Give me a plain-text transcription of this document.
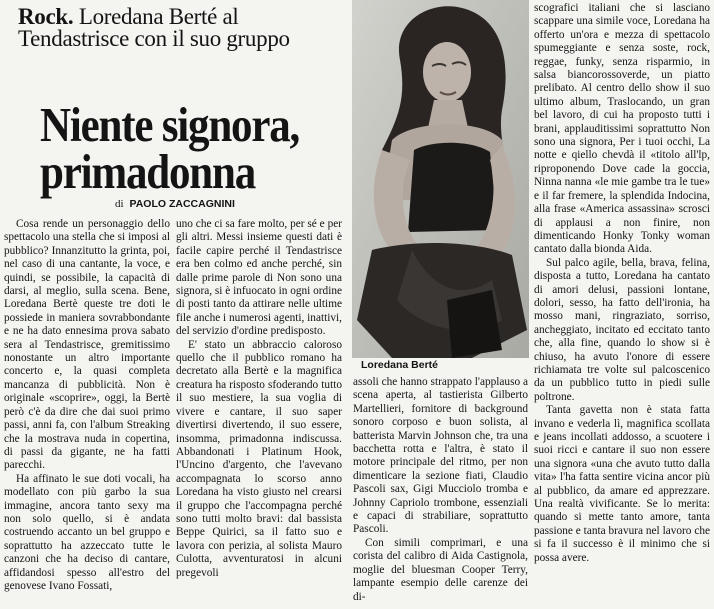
Rock. Loredana Berté al Tendastrisce con il suo gruppo
Niente signora,
primadonna
di PAOLO ZACCAGNINI

Cosa rende un personaggio dello spettacolo una stella che si imposi al pubblico? Innanzitutto la grinta, poi, nel caso di una cantante, la voce, e quindi, se possibile, la capacità di darsi, al meglio, sulla scena. Bene, Loredana Bertè queste tre doti le possiede in maniera sovrabbondante e ne ha dato ennesima prova sabato sera al Tendastrisce, gremitissimo nonostante un altro importante concerto e, la quasi completa mancanza di pubblicità. Non è originale «scoprire», oggi, la Bertè però c'è da dire che dai suoi primo passi, anni fa, con l'album Streaking che la mostrava nuda in copertina, di passi da gigante, ne ha fatti parecchi.

Ha affinato le sue doti vocali, ha modellato con più garbo la sua immagine, ancora tanto sexy ma non solo quello, si è andata costruendo accanto un bel gruppo e soprattutto ha azzeccato tutte le canzoni che ha deciso di cantare, affidandosi spesso all'estro del genovese Ivano Fossati,

uno che ci sa fare molto, per sé e per gli altri. Messi insieme questi dati è facile capire perché il Tendastrisce era ben colmo ed anche perché, sin dalle prime parole di Non sono una signora, si è infuocato in ogni ordine di posti tanto da attirare nelle ultime file anche i numerosi agenti, inattivi, del servizio d'ordine predisposto.

E' stato un abbraccio caloroso quello che il pubblico romano ha decretato alla Bertè e la magnifica creatura ha risposto sfoderando tutto il suo mestiere, la sua voglia di vivere e cantare, il suo saper divertirsi divertendo, il suo essere, insomma, primadonna indiscussa. Abbandonati i Platinum Hook, l'Uncino d'argento, che l'avevano accompagnata lo scorso anno Loredana ha visto giusto nel crearsi il gruppo che l'accompagna perché sono tutti molto bravi: dal bassista Beppe Quirici, sa il fatto suo e lavora con perizia, al solista Mauro Culotta, avventuratosi in alcuni pregevoli

Loredana Berté

assoli che hanno strappato l'applauso a scena aperta, al tastierista Gilberto Martellieri, fornitore di background sonoro corposo e buon solista, al batterista Marvin Johnson che, tra una bacchetta rotta e l'altra, è stato il motore principale del ritmo, per non dimenticare la sezione fiati, Claudio Pascoli sax, Gigi Mucciolo tromba e Johnny Capriolo trombone, essenziali e capaci di strabiliare, soprattutto Pascoli.

Con simili comprimari, e una corista del calibro di Aida Castignola, moglie del bluesman Cooper Terry, lampante esempio delle carenze dei di-

scografici italiani che si lasciano scappare una simile voce, Loredana ha offerto un'ora e mezza di spettacolo spumeggiante e senza soste, rock, reggae, funky, senza risparmio, in salsa biancorossoverde, un piatto prelibato. Al centro dello show il suo ultimo album, Traslocando, un gran bel lavoro, di cui ha proposto tutti i brani, applauditissimi soprattutto Non sono una signora, Per i tuoi occhi, La notte e qiello chevdà il «titolo all'lp, riproponendo Dove cade la goccia, Ninna nanna «le mie gambe tra le tue» e il far fremere, la splendida Indocina, alla frase «America assassina» scrosci di applausi a non finire, non dimenticando Honky Tonky woman cantato dalla bionda Aida.

Sul palco agile, bella, brava, felina, disposta a tutto, Loredana ha cantato di amori delusi, passioni lontane, dolori, sesso, ha fatto dell'ironia, ha mosso mani, ringraziato, sorriso, ancheggiato, incitato ed eccitato tanto che, alla fine, quando lo show si è chiuso, ha avuto l'onore di essere richiamata tre volte sul palcoscenico da un pubblico tutto in piedi sulle poltrone.

Tanta gavetta non è stata fatta invano e vederla lì, magnifica scollata e jeans incollati addosso, a scuotere i suoi ricci e cantare il suo non essere una signora «una che avuto tutto dalla vita» l'ha fatta sentire vicina ancor più al pubblico, da amare ed apprezzare. Una realtà vivificante. Se lo merita: quando si mette tanto amore, tanta passione e tanta bravura nel lavoro che si fa il successo è il minimo che si possa avere.
